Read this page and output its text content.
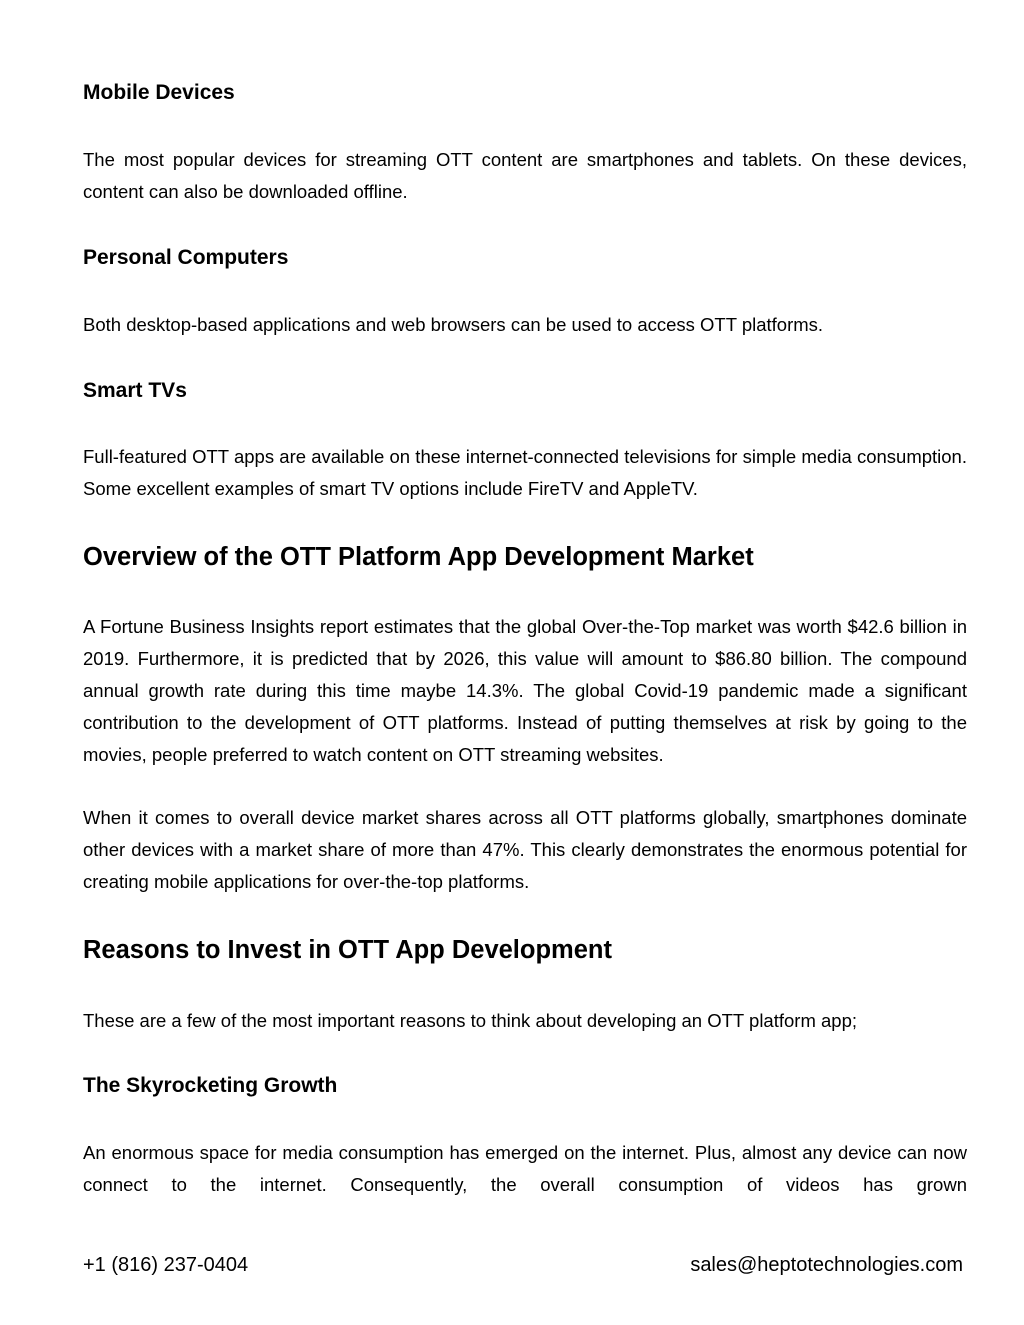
Mobile Devices

The most popular devices for streaming OTT content are smartphones and tablets. On these devices, content can also be downloaded offline.

Personal Computers

Both desktop-based applications and web browsers can be used to access OTT platforms.

Smart TVs

Full-featured OTT apps are available on these internet-connected televisions for simple media consumption. Some excellent examples of smart TV options include FireTV and AppleTV.

Overview of the OTT Platform App Development Market

A Fortune Business Insights report estimates that the global Over-the-Top market was worth $42.6 billion in 2019. Furthermore, it is predicted that by 2026, this value will amount to $86.80 billion. The compound annual growth rate during this time maybe 14.3%. The global Covid-19 pandemic made a significant contribution to the development of OTT platforms. Instead of putting themselves at risk by going to the movies, people preferred to watch content on OTT streaming websites.

When it comes to overall device market shares across all OTT platforms globally, smartphones dominate other devices with a market share of more than 47%. This clearly demonstrates the enormous potential for creating mobile applications for over-the-top platforms.

Reasons to Invest in OTT App Development

These are a few of the most important reasons to think about developing an OTT platform app;

The Skyrocketing Growth

An enormous space for media consumption has emerged on the internet. Plus, almost any device can now connect to the internet. Consequently, the overall consumption of videos has grown

+1 (816) 237-0404	sales@heptotechnologies.com
